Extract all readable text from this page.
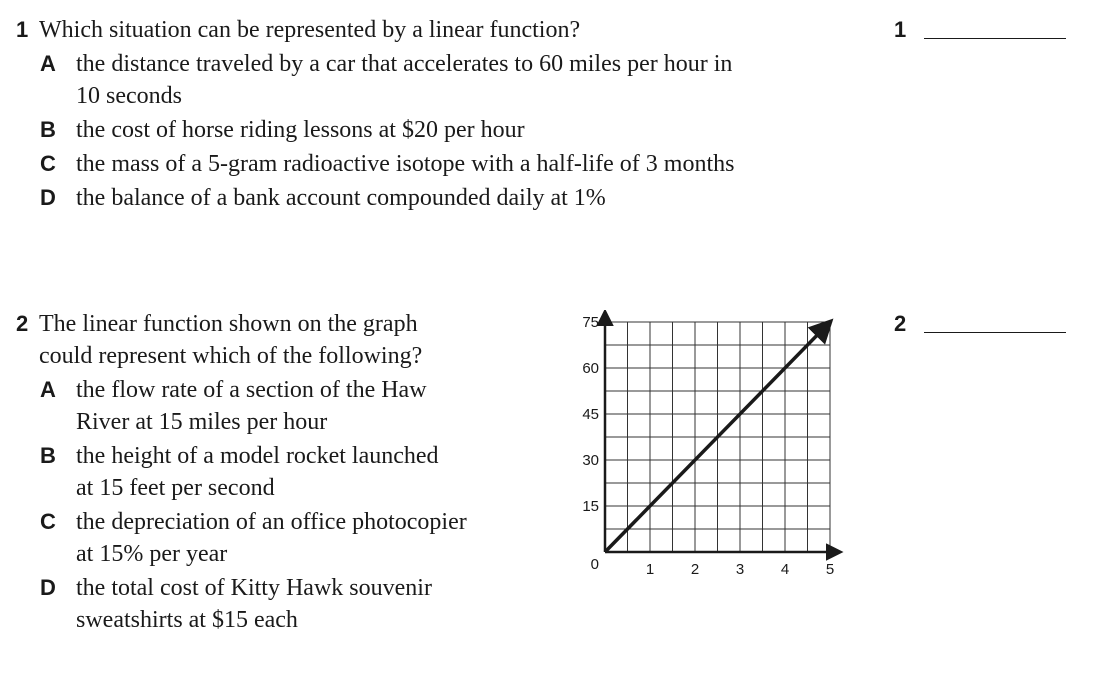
1 Which situation can be represented by a linear function?
A the distance traveled by a car that accelerates to 60 miles per hour in
10 seconds
B the cost of horse riding lessons at $20 per hour
C the mass of a 5-gram radioactive isotope with a half-life of 3 months
D the balance of a bank account compounded daily at 1%
1
2 The linear function shown on the graph
could represent which of the following?
A the flow rate of a section of the Haw
River at 15 miles per hour
B the height of a model rocket launched
at 15 feet per second
C the depreciation of an office photocopier
at 15% per year
D the total cost of Kitty Hawk souvenir
sweatshirts at $15 each
1 2 3 4 5
15
30
45
60
75
0
2
